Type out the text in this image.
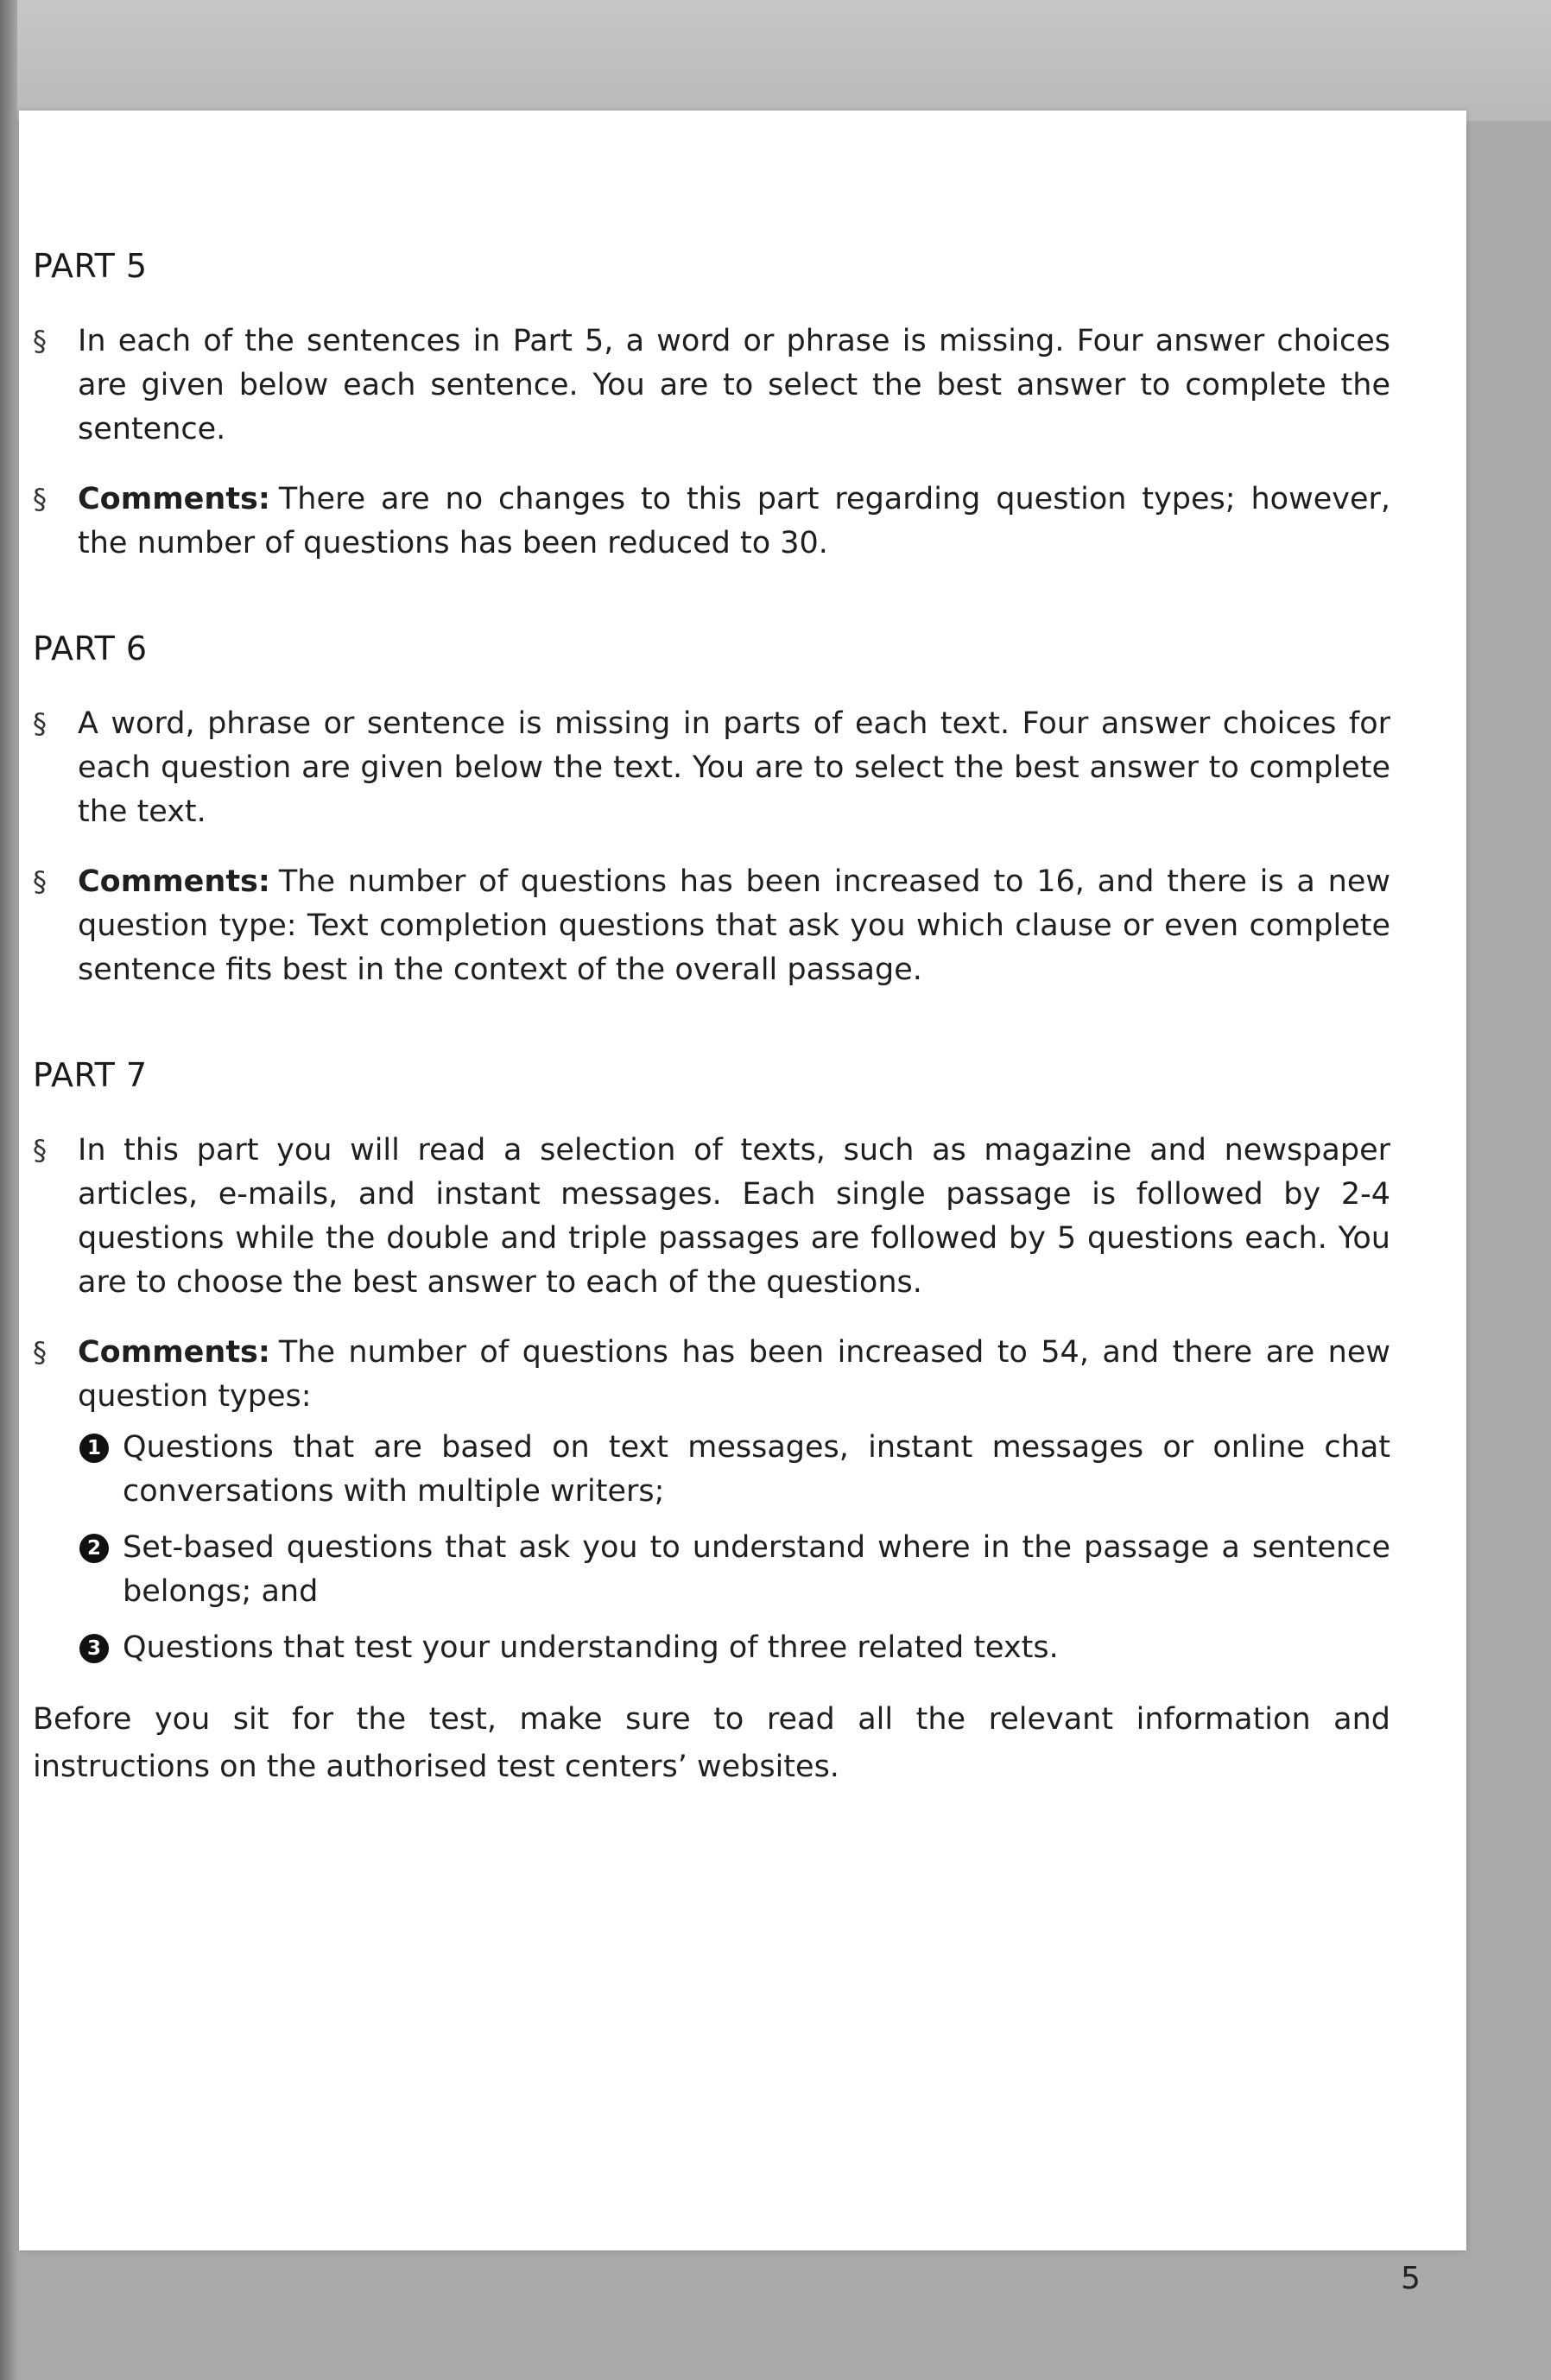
PART 5
§	In each of the sentences in Part 5, a word or phrase is missing. Four answer choices are given below each sentence. You are to select the best answer to complete the sentence.
§	Comments: There are no changes to this part regarding question types; however, the number of questions has been reduced to 30.
PART 6
§	A word, phrase or sentence is missing in parts of each text. Four answer choices for each question are given below the text. You are to select the best answer to complete the text.
§	Comments: The number of questions has been increased to 16, and there is a new question type: Text completion questions that ask you which clause or even complete sentence fits best in the context of the overall passage.
PART 7
§	In this part you will read a selection of texts, such as magazine and newspaper articles, e-mails, and instant messages. Each single passage is followed by 2-4 questions while the double and triple passages are followed by 5 questions each. You are to choose the best answer to each of the questions.
§	Comments: The number of questions has been increased to 54, and there are new question types:
1 Questions that are based on text messages, instant messages or online chat conversations with multiple writers;
2 Set-based questions that ask you to understand where in the passage a sentence belongs; and
3 Questions that test your understanding of three related texts.

Before you sit for the test, make sure to read all the relevant information and instructions on the authorised test centers’ websites.

5
